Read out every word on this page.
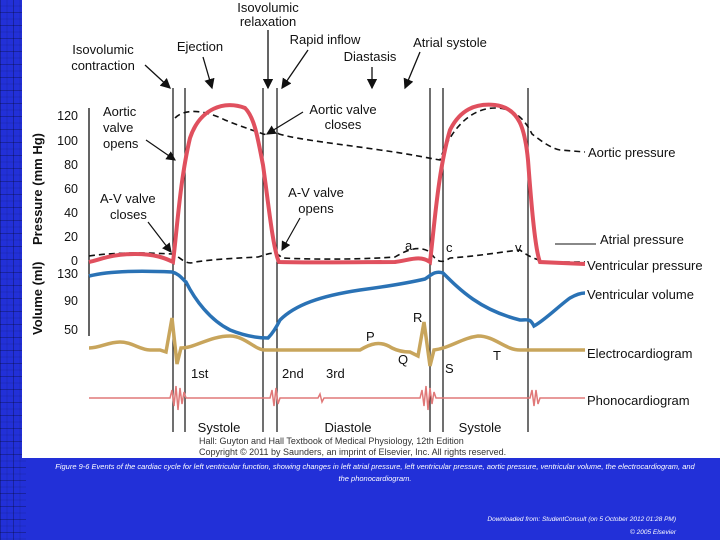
Isovolumic
relaxation
Isovolumic
contraction
Ejection	Rapid inflow
Diastasis
Atrial systole
Pressure (mm Hg)
Volume (ml)
120
100
80
60
40
20
0
130
90
50
Aortic
valve
opens
Aortic valve
closes
A-V valve
closes
A-V valve
opens
a	c	v
P
R
Q
S
T
1st	2nd 3rd
Systole	Diastole	Systole
Aortic pressure
Atrial pressure
Ventricular pressure
Ventricular volume
Electrocardiogram
Phonocardiogram
Hall: Guyton and Hall Textbook of Medical Physiology, 12th Edition
Copyright © 2011 by Saunders, an imprint of Elsevier, Inc. All rights reserved.
Figure 9-6 Events of the cardiac cycle for left ventricular function, showing changes in left atrial pressure, left ventricular pressure, aortic pressure, ventricular volume, the electrocardiogram, and the phonocardiogram.
Downloaded from: StudentConsult (on 5 October 2012 01:28 PM)
© 2005 Elsevier
